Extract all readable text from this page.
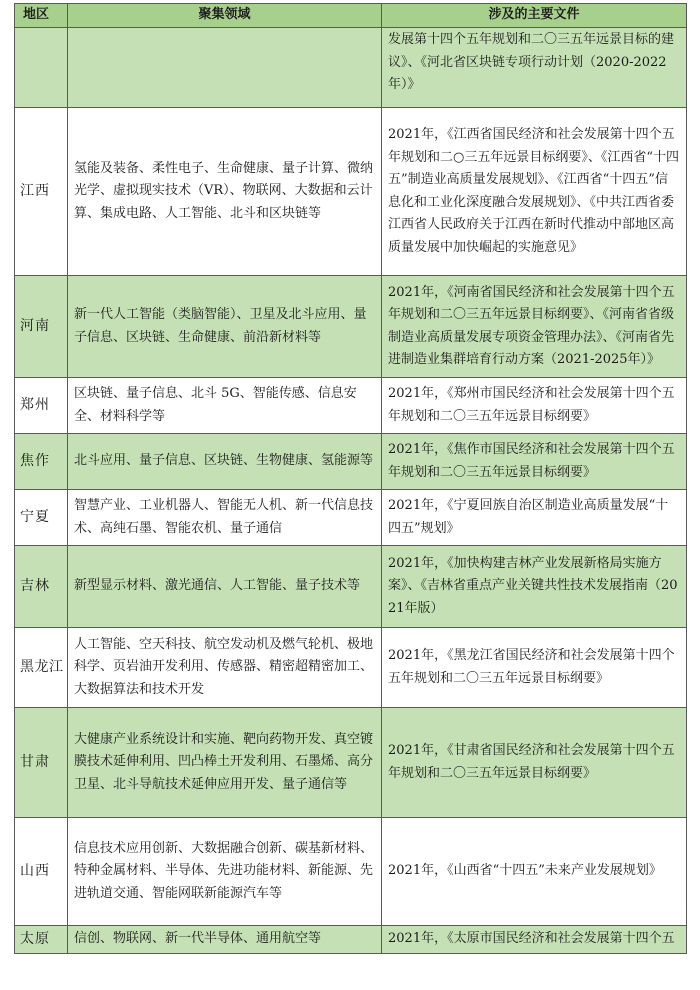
地区	聚集领域	涉及的主要文件
		发展第十四个五年规划和二〇三五年远景目标的建议》、《河北省区块链专项行动计划（2020-2022年）》
江西	氢能及装备、柔性电子、生命健康、量子计算、微纳光学、虚拟现实技术（VR）、物联网、大数据和云计算、集成电路、人工智能、北斗和区块链等	2021年，《江西省国民经济和社会发展第十四个五年规划和二○三五年远景目标纲要》、《江西省“十四五”制造业高质量发展规划》、《江西省“十四五”信息化和工业化深度融合发展规划》、《中共江西省委 江西省人民政府关于江西在新时代推动中部地区高质量发展中加快崛起的实施意见》
河南	新一代人工智能（类脑智能）、卫星及北斗应用、量子信息、区块链、生命健康、前沿新材料等	2021年，《河南省国民经济和社会发展第十四个五年规划和二〇三五年远景目标纲要》、《河南省省级制造业高质量发展专项资金管理办法》、《河南省先进制造业集群培育行动方案（2021-2025年）》
郑州	区块链、量子信息、北斗 5G、智能传感、信息安全、材料科学等	2021年，《郑州市国民经济和社会发展第十四个五年规划和二〇三五年远景目标纲要》
焦作	北斗应用、量子信息、区块链、生物健康、氢能源等	2021年，《焦作市国民经济和社会发展第十四个五年规划和二〇三五年远景目标纲要》
宁夏	智慧产业、工业机器人、智能无人机、新一代信息技术、高纯石墨、智能农机、量子通信	2021年，《宁夏回族自治区制造业高质量发展“十四五”规划》
吉林	新型显示材料、激光通信、人工智能、量子技术等	2021年，《加快构建吉林产业发展新格局实施方案》、《吉林省重点产业关键共性技术发展指南（2021年版）
黑龙江	人工智能、空天科技、航空发动机及燃气轮机、极地科学、页岩油开发利用、传感器、精密超精密加工、大数据算法和技术开发	2021年，《黑龙江省国民经济和社会发展第十四个五年规划和二〇三五年远景目标纲要》
甘肃	大健康产业系统设计和实施、靶向药物开发、真空镀膜技术延伸利用、凹凸棒土开发利用、石墨烯、高分卫星、北斗导航技术延伸应用开发、量子通信等	2021年，《甘肃省国民经济和社会发展第十四个五年规划和二〇三五年远景目标纲要》
山西	信息技术应用创新、大数据融合创新、碳基新材料、特种金属材料、半导体、先进功能材料、新能源、先进轨道交通、智能网联新能源汽车等	2021年，《山西省“十四五”未来产业发展规划》
太原	信创、物联网、新一代半导体、通用航空等	2021年，《太原市国民经济和社会发展第十四个五
